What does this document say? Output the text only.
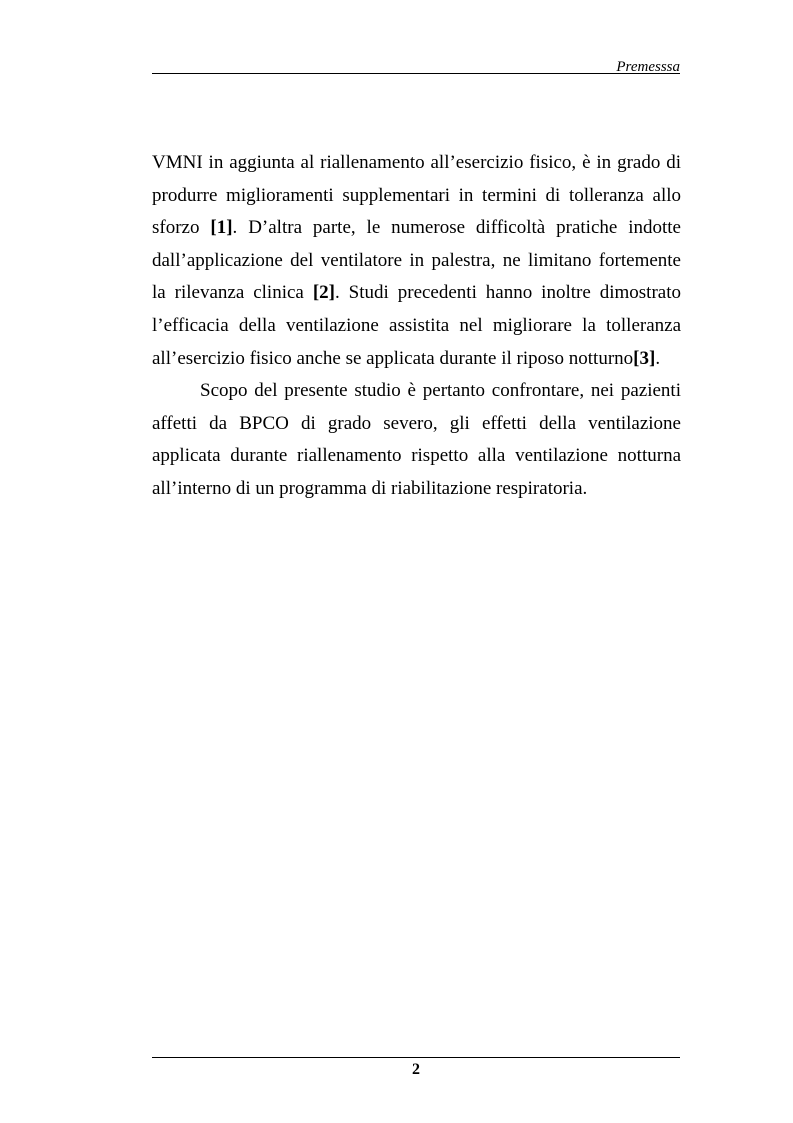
Premesssa

VMNI in aggiunta al riallenamento all’esercizio fisico, è in grado di produrre miglioramenti supplementari in termini di tolleranza allo sforzo [1]. D’altra parte, le numerose difficoltà pratiche indotte dall’applicazione del ventilatore in palestra, ne limitano fortemente la rilevanza clinica [2]. Studi precedenti hanno inoltre dimostrato l’efficacia della ventilazione assistita nel migliorare la tolleranza all’esercizio fisico anche se applicata durante il riposo notturno[3].

Scopo del presente studio è pertanto confrontare, nei pazienti affetti da BPCO di grado severo, gli effetti della ventilazione applicata durante riallenamento rispetto alla ventilazione notturna all’interno di un programma di riabilitazione respiratoria.

2
